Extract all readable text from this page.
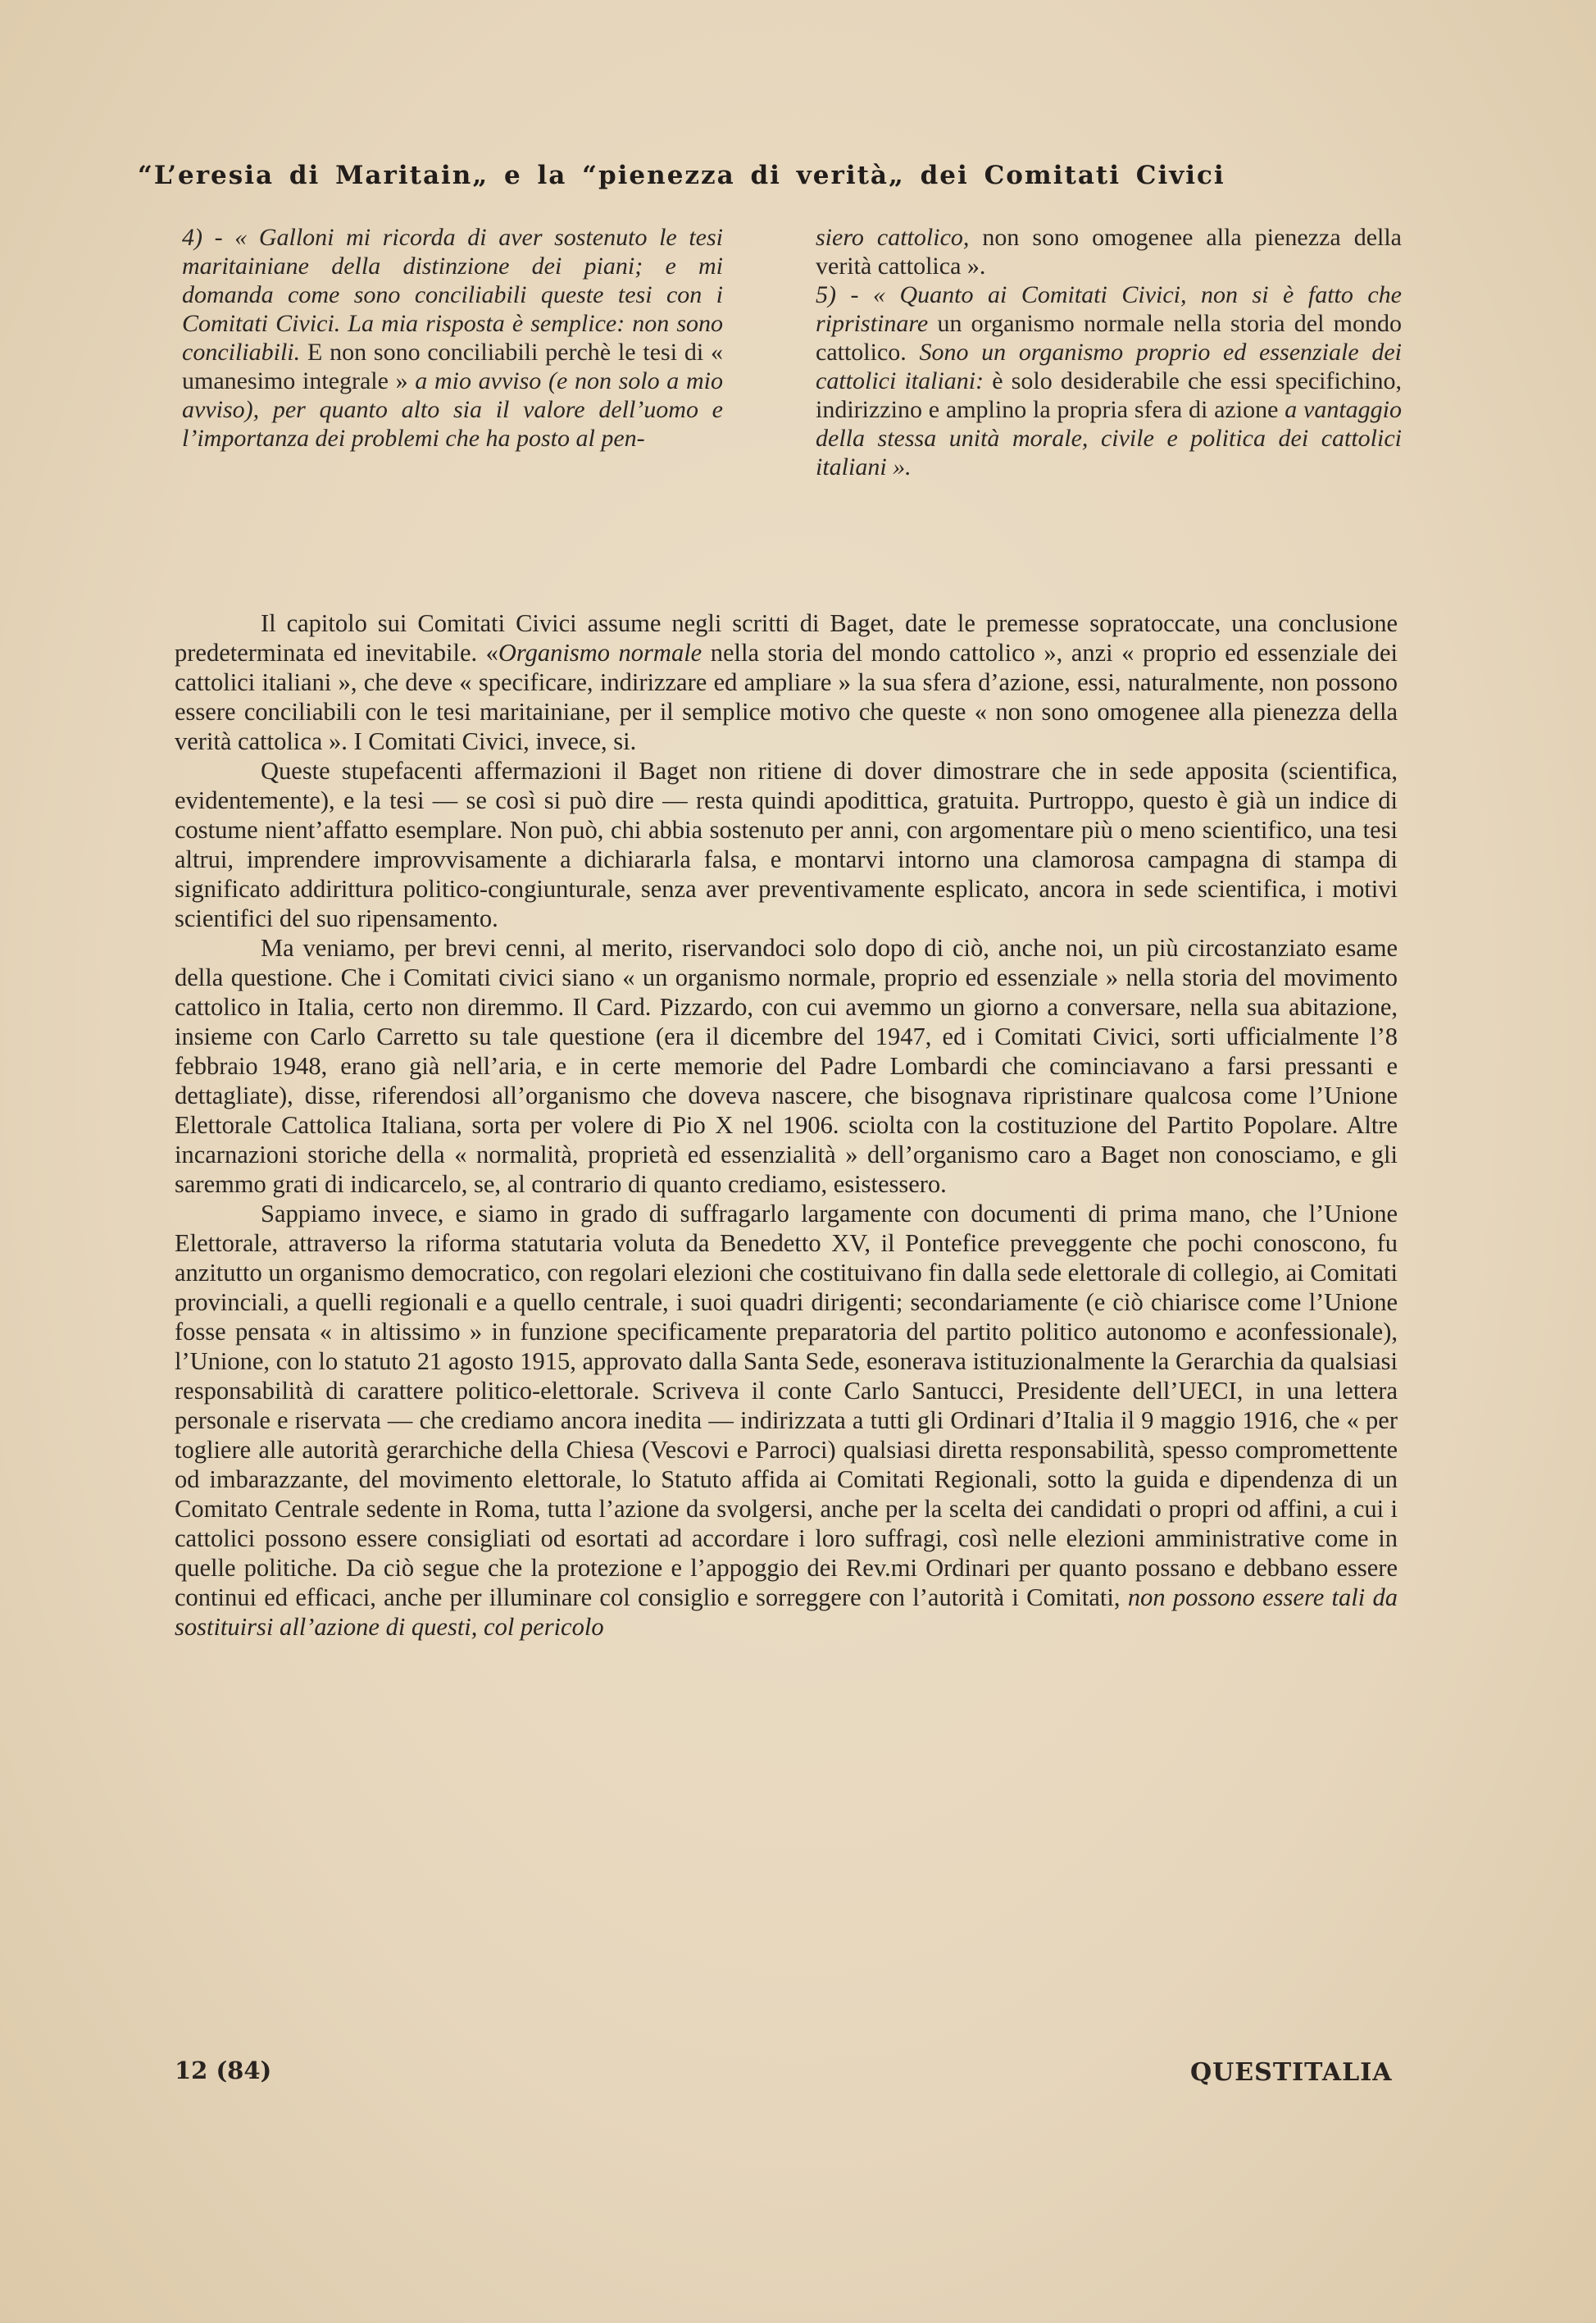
“L’eresia di Maritain„ e la “pienezza di verità„ dei Comitati Civici
4) - « Galloni mi ricorda di aver sostenuto le tesi maritainiane della distinzione dei piani; e mi domanda come sono conciliabili queste tesi con i Comitati Civici. La mia risposta è semplice: non sono conciliabili. E non sono conciliabili perchè le tesi di « umanesimo integrale » a mio avviso (e non solo a mio avviso), per quanto alto sia il valore dell’uomo e l’importanza dei problemi che ha posto al pen-
siero cattolico, non sono omogenee alla pienezza della verità cattolica ».
5) - « Quanto ai Comitati Civici, non si è fatto che ripristinare un organismo normale nella storia del mondo cattolico. Sono un organismo proprio ed essenziale dei cattolici italiani: è solo desiderabile che essi specifichino, indirizzino e amplino la propria sfera di azione a vantaggio della stessa unità morale, civile e politica dei cattolici italiani ».

Il capitolo sui Comitati Civici assume negli scritti di Baget, date le premesse sopratoccate, una conclusione predeterminata ed inevitabile. «Organismo normale nella storia del mondo cattolico », anzi « proprio ed essenziale dei cattolici italiani », che deve « specificare, indirizzare ed ampliare » la sua sfera d’azione, essi, naturalmente, non possono essere conciliabili con le tesi maritainiane, per il semplice motivo che queste « non sono omogenee alla pienezza della verità cattolica ». I Comitati Civici, invece, si.

Queste stupefacenti affermazioni il Baget non ritiene di dover dimostrare che in sede apposita (scientifica, evidentemente), e la tesi — se così si può dire — resta quindi apodittica, gratuita. Purtroppo, questo è già un indice di costume nient’affatto esemplare. Non può, chi abbia sostenuto per anni, con argomentare più o meno scientifico, una tesi altrui, imprendere improvvisamente a dichiararla falsa, e montarvi intorno una clamorosa campagna di stampa di significato addirittura politico-congiunturale, senza aver preventivamente esplicato, ancora in sede scientifica, i motivi scientifici del suo ripensamento.

Ma veniamo, per brevi cenni, al merito, riservandoci solo dopo di ciò, anche noi, un più circostanziato esame della questione. Che i Comitati civici siano « un organismo normale, proprio ed essenziale » nella storia del movimento cattolico in Italia, certo non diremmo. Il Card. Pizzardo, con cui avemmo un giorno a conversare, nella sua abitazione, insieme con Carlo Carretto su tale questione (era il dicembre del 1947, ed i Comitati Civici, sorti ufficialmente l’8 febbraio 1948, erano già nell’aria, e in certe memorie del Padre Lombardi che cominciavano a farsi pressanti e dettagliate), disse, riferendosi all’organismo che doveva nascere, che bisognava ripristinare qualcosa come l’Unione Elettorale Cattolica Italiana, sorta per volere di Pio X nel 1906. sciolta con la costituzione del Partito Popolare. Altre incarnazioni storiche della « normalità, proprietà ed essenzialità » dell’organismo caro a Baget non conosciamo, e gli saremmo grati di indicarcelo, se, al contrario di quanto crediamo, esistessero.

Sappiamo invece, e siamo in grado di suffragarlo largamente con documenti di prima mano, che l’Unione Elettorale, attraverso la riforma statutaria voluta da Benedetto XV, il Pontefice preveggente che pochi conoscono, fu anzitutto un organismo democratico, con regolari elezioni che costituivano fin dalla sede elettorale di collegio, ai Comitati provinciali, a quelli regionali e a quello centrale, i suoi quadri dirigenti; secondariamente (e ciò chiarisce come l’Unione fosse pensata « in altissimo » in funzione specificamente preparatoria del partito politico autonomo e aconfessionale), l’Unione, con lo statuto 21 agosto 1915, approvato dalla Santa Sede, esonerava istituzionalmente la Gerarchia da qualsiasi responsabilità di carattere politico-elettorale. Scriveva il conte Carlo Santucci, Presidente dell’UECI, in una lettera personale e riservata — che crediamo ancora inedita — indirizzata a tutti gli Ordinari d’Italia il 9 maggio 1916, che « per togliere alle autorità gerarchiche della Chiesa (Vescovi e Parroci) qualsiasi diretta responsabilità, spesso compromettente od imbarazzante, del movimento elettorale, lo Statuto affida ai Comitati Regionali, sotto la guida e dipendenza di un Comitato Centrale sedente in Roma, tutta l’azione da svolgersi, anche per la scelta dei candidati o propri od affini, a cui i cattolici possono essere consigliati od esortati ad accordare i loro suffragi, così nelle elezioni amministrative come in quelle politiche. Da ciò segue che la protezione e l’appoggio dei Rev.mi Ordinari per quanto possano e debbano essere continui ed efficaci, anche per illuminare col consiglio e sorreggere con l’autorità i Comitati, non possono essere tali da sostituirsi all’azione di questi, col pericolo

12 (84)	QUESTITALIA
